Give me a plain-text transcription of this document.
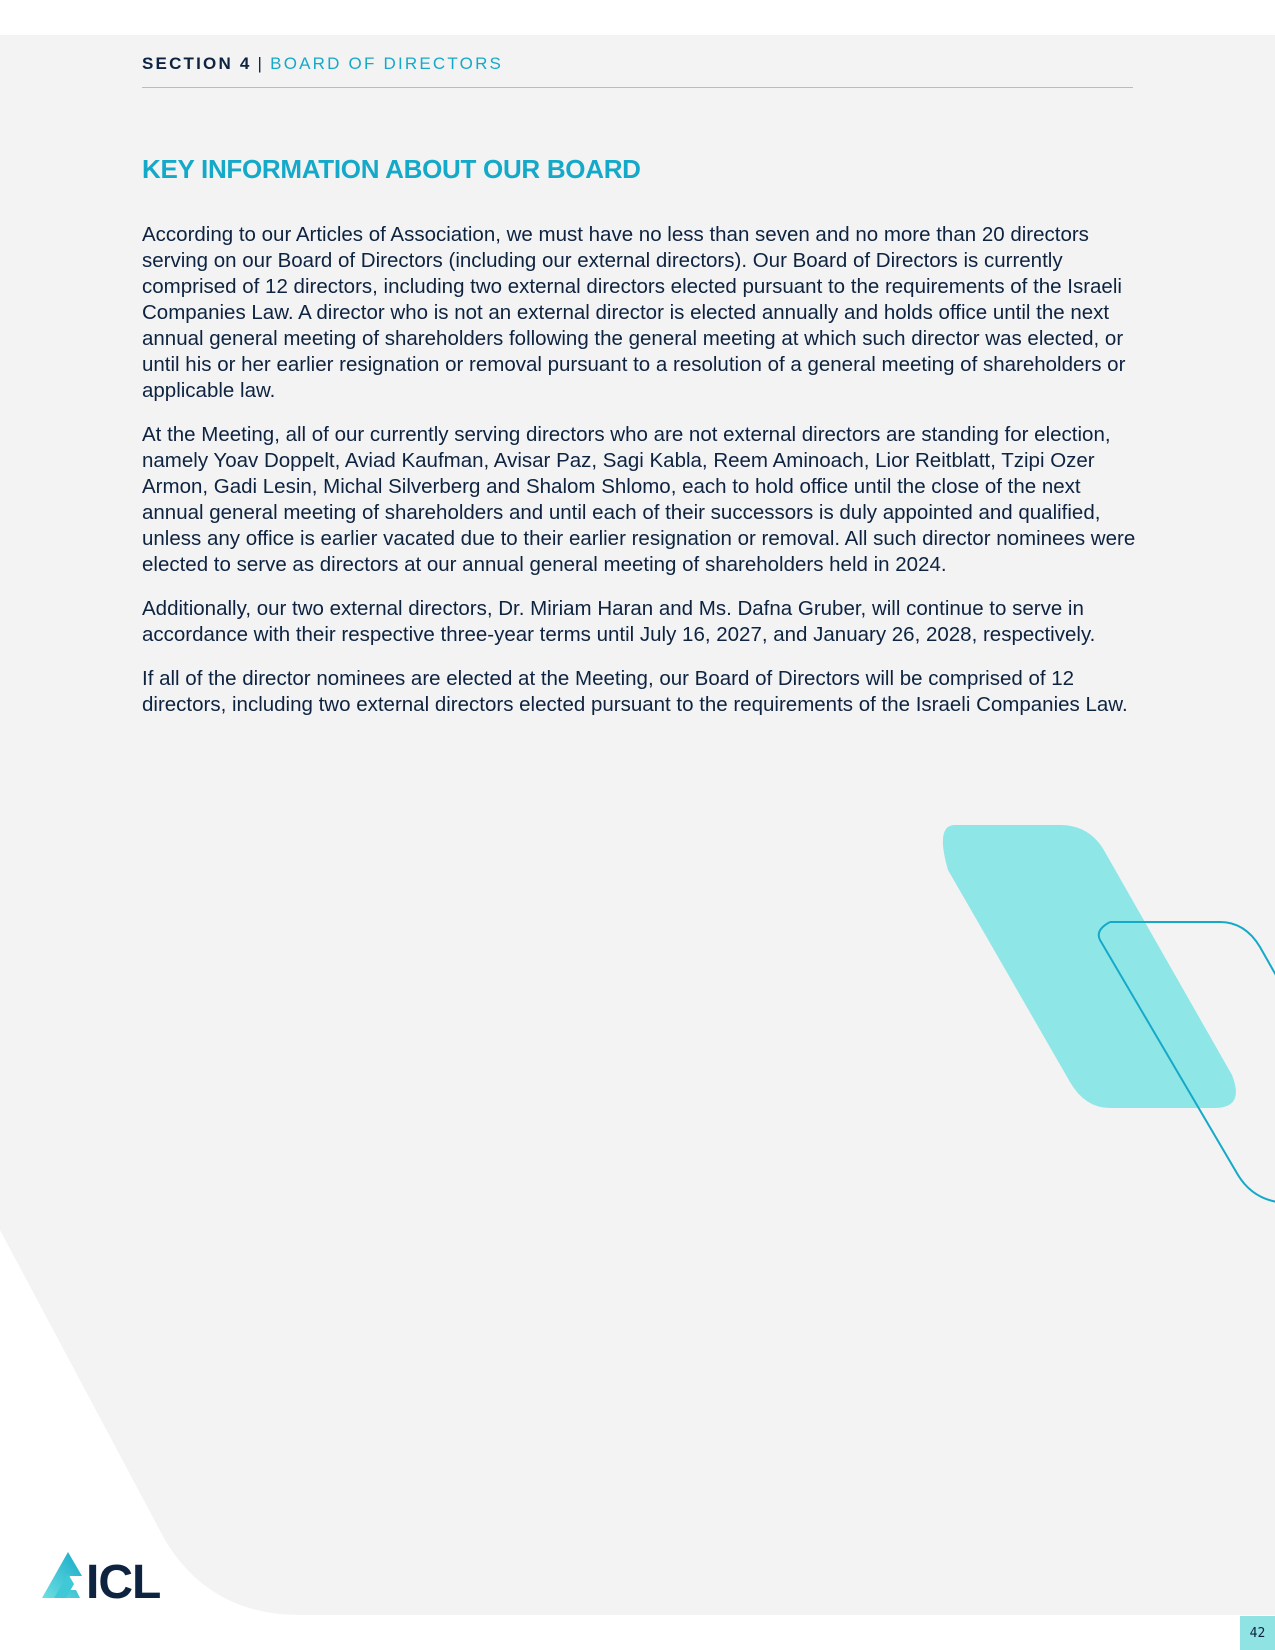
SECTION 4 | BOARD OF DIRECTORS
KEY INFORMATION ABOUT OUR BOARD

According to our Articles of Association, we must have no less than seven and no more than 20 directors serving on our Board of Directors (including our external directors). Our Board of Directors is currently comprised of 12 directors, including two external directors elected pursuant to the requirements of the Israeli Companies Law. A director who is not an external director is elected annually and holds office until the next annual general meeting of shareholders following the general meeting at which such director was elected, or until his or her earlier resignation or removal pursuant to a resolution of a general meeting of shareholders or applicable law.

At the Meeting, all of our currently serving directors who are not external directors are standing for election, namely Yoav Doppelt, Aviad Kaufman, Avisar Paz, Sagi Kabla, Reem Aminoach, Lior Reitblatt, Tzipi Ozer Armon, Gadi Lesin, Michal Silverberg and Shalom Shlomo, each to hold office until the close of the next annual general meeting of shareholders and until each of their successors is duly appointed and qualified, unless any office is earlier vacated due to their earlier resignation or removal. All such director nominees were elected to serve as directors at our annual general meeting of shareholders held in 2024.

Additionally, our two external directors, Dr. Miriam Haran and Ms. Dafna Gruber, will continue to serve in accordance with their respective three-year terms until July 16, 2027, and January 26, 2028, respectively.

If all of the director nominees are elected at the Meeting, our Board of Directors will be comprised of 12 directors, including two external directors elected pursuant to the requirements of the Israeli Companies Law.

ICL
42
